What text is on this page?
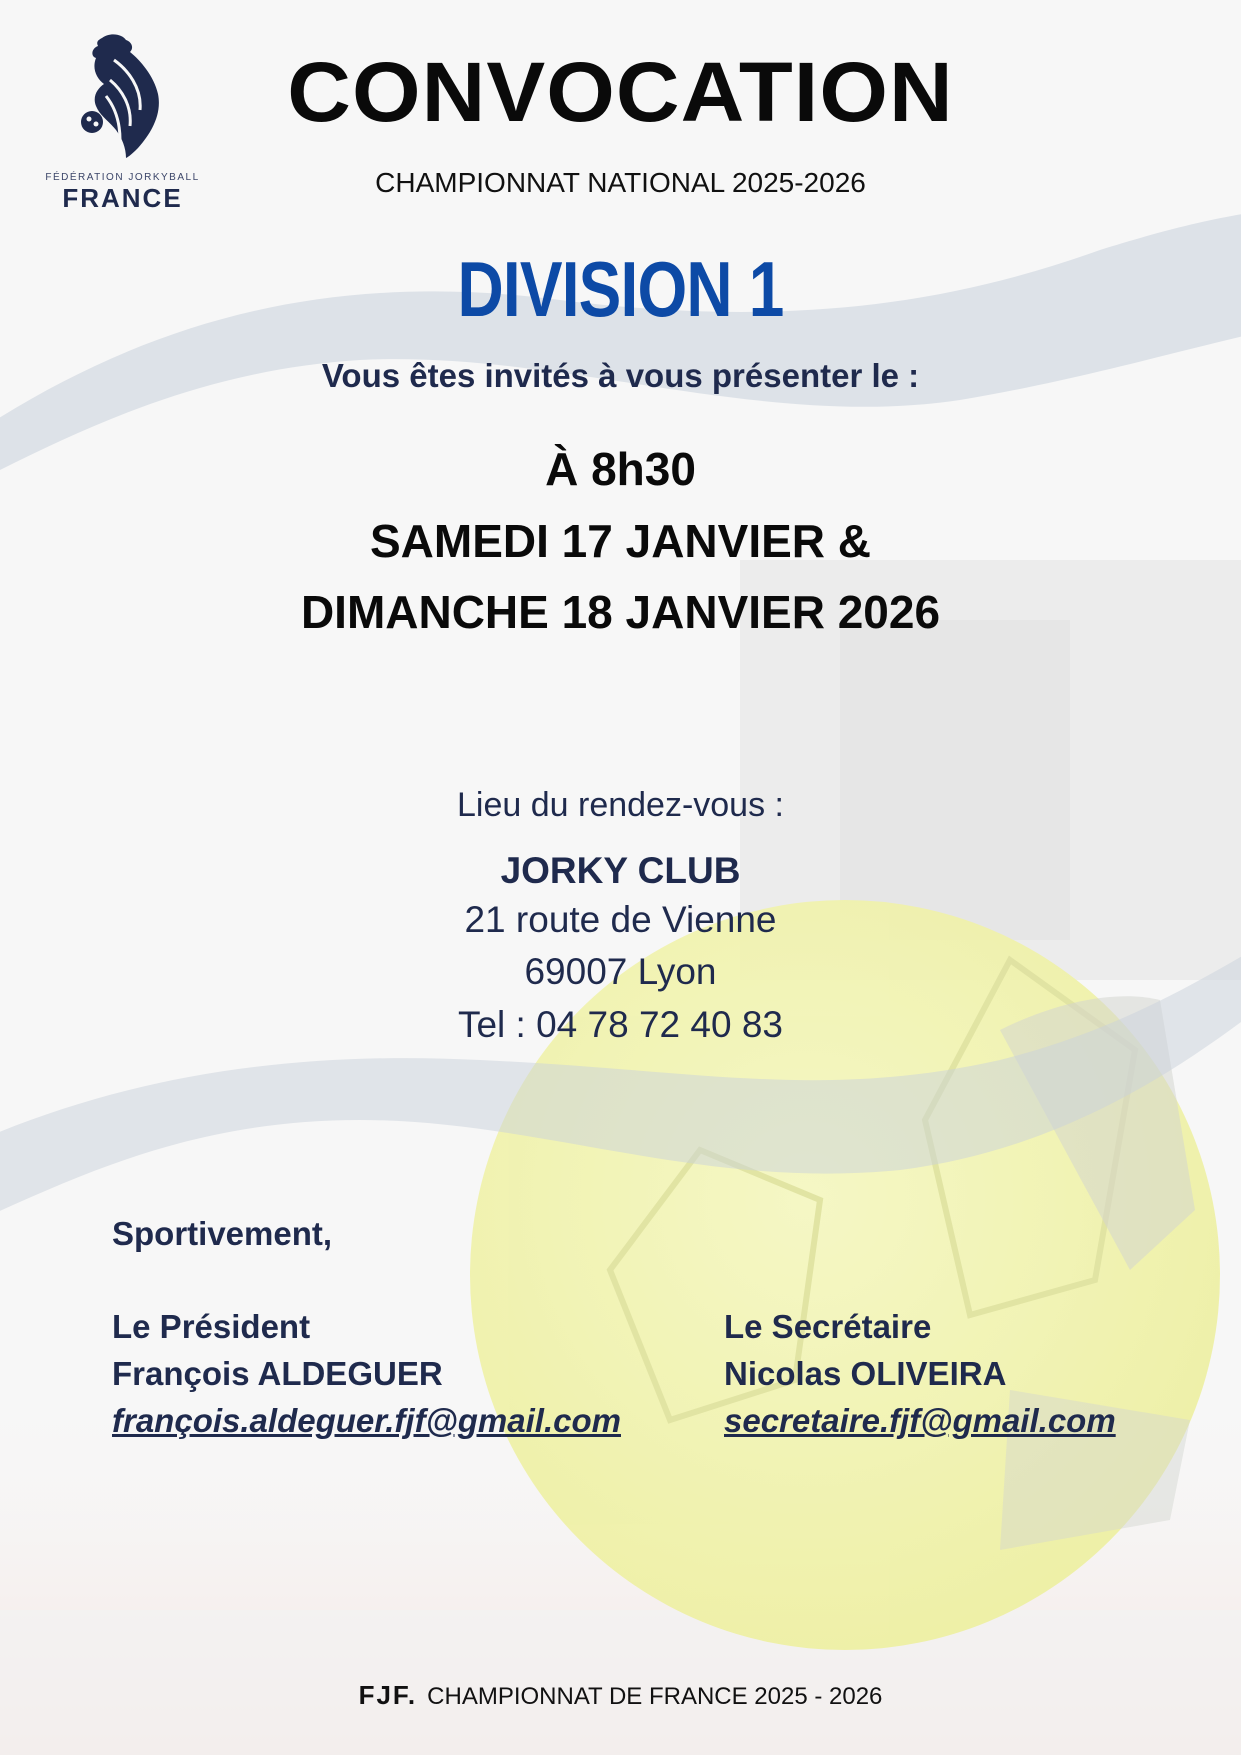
FÉDÉRATION JORKYBALL
FRANCE
CONVOCATION
CHAMPIONNAT NATIONAL 2025-2026
DIVISION 1
Vous êtes invités à vous présenter le :
À 8h30
SAMEDI 17 JANVIER &
DIMANCHE 18 JANVIER 2026
Lieu du rendez-vous :
JORKY CLUB
21 route de Vienne
69007 Lyon
Tel : 04 78 72 40 83
Sportivement,
Le Président
François ALDEGUER
françois.aldeguer.fjf@gmail.com
Le Secrétaire
Nicolas OLIVEIRA
secretaire.fjf@gmail.com
FJF. CHAMPIONNAT DE FRANCE 2025 - 2026
